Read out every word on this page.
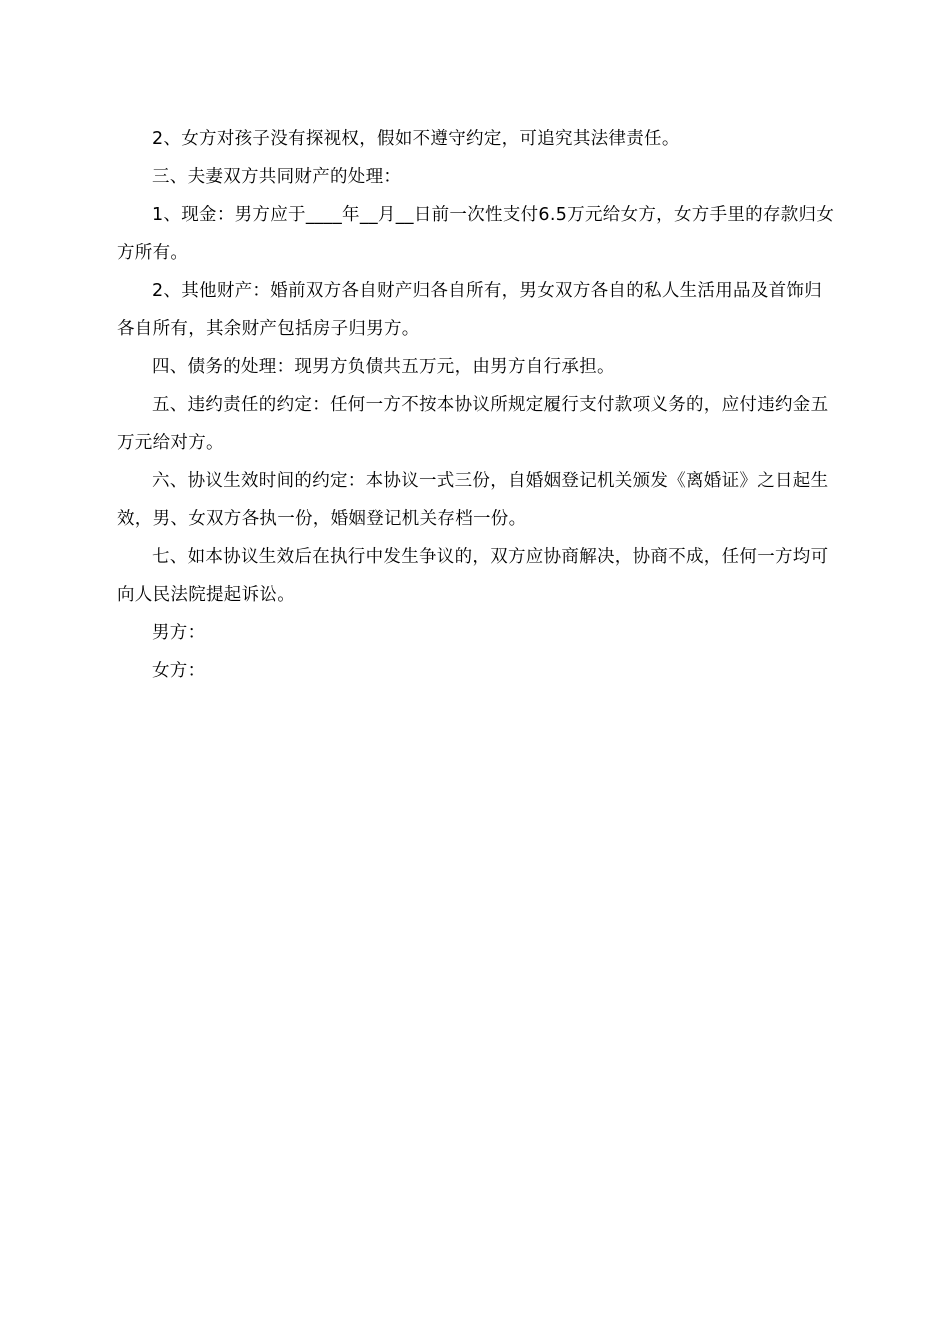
2、女方对孩子没有探视权，假如不遵守约定，可追究其法律责任。

三、夫妻双方共同财产的处理：

1、现金：男方应于____年__月__日前一次性支付6.5万元给女方，女方手里的存款归女方所有。

2、其他财产：婚前双方各自财产归各自所有，男女双方各自的私人生活用品及首饰归各自所有，其余财产包括房子归男方。

四、债务的处理：现男方负债共五万元，由男方自行承担。

五、违约责任的约定：任何一方不按本协议所规定履行支付款项义务的，应付违约金五万元给对方。

六、协议生效时间的约定：本协议一式三份，自婚姻登记机关颁发《离婚证》之日起生效，男、女双方各执一份，婚姻登记机关存档一份。

七、如本协议生效后在执行中发生争议的，双方应协商解决，协商不成，任何一方均可向人民法院提起诉讼。

男方：

女方：
